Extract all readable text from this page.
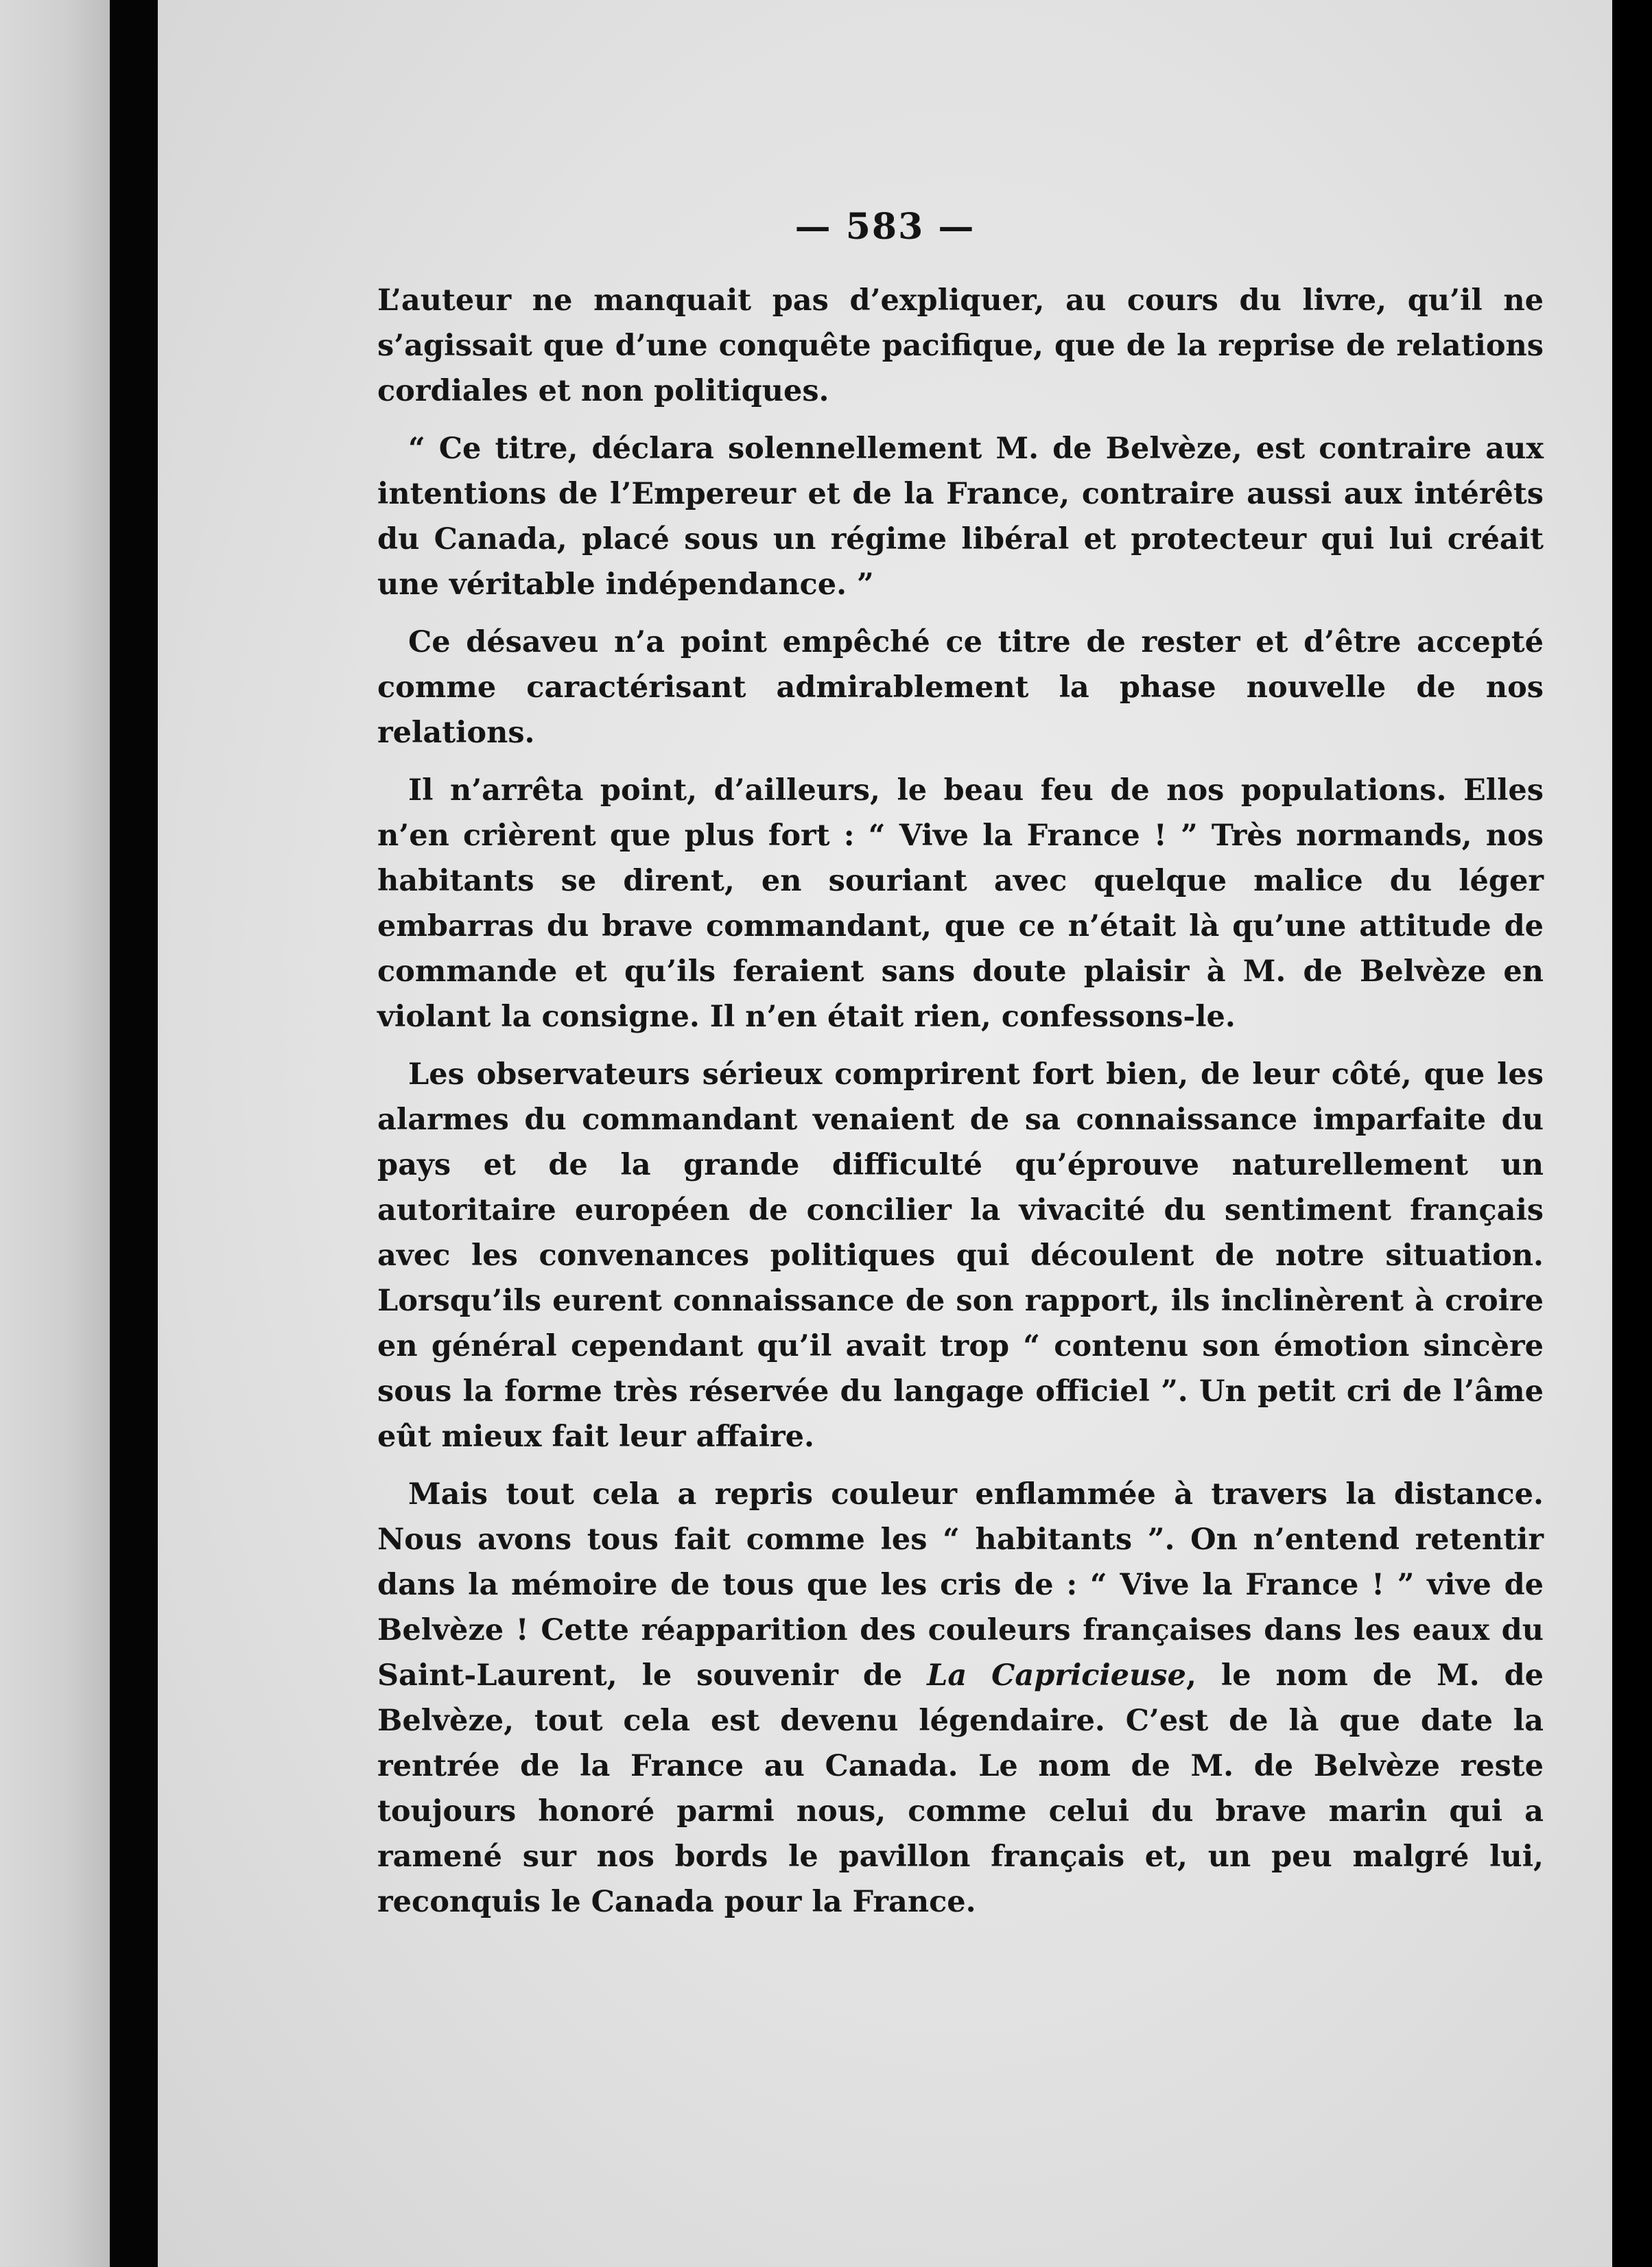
— 583 —

L’auteur ne manquait pas d’expliquer, au cours du livre, qu’il ne s’agissait que d’une conquête pacifique, que de la reprise de relations cordiales et non politiques.

“ Ce titre, déclara solennellement M. de Belvèze, est contraire aux intentions de l’Empereur et de la France, contraire aussi aux intérêts du Canada, placé sous un régime libéral et protecteur qui lui créait une véritable indépendance. ”

Ce désaveu n’a point empêché ce titre de rester et d’être accepté comme caractérisant admirablement la phase nouvelle de nos relations.

Il n’arrêta point, d’ailleurs, le beau feu de nos populations. Elles n’en crièrent que plus fort : “ Vive la France ! ” Très normands, nos habitants se dirent, en souriant avec quelque malice du léger embarras du brave commandant, que ce n’était là qu’une attitude de commande et qu’ils feraient sans doute plaisir à M. de Belvèze en violant la consigne. Il n’en était rien, confessons-le.

Les observateurs sérieux comprirent fort bien, de leur côté, que les alarmes du commandant venaient de sa connaissance imparfaite du pays et de la grande difficulté qu’éprouve naturellement un autoritaire européen de concilier la vivacité du sentiment français avec les convenances politiques qui découlent de notre situation. Lorsqu’ils eurent connaissance de son rapport, ils inclinèrent à croire en général cependant qu’il avait trop “ contenu son émotion sincère sous la forme très réservée du langage officiel ”. Un petit cri de l’âme eût mieux fait leur affaire.

Mais tout cela a repris couleur enflammée à travers la distance. Nous avons tous fait comme les “ habitants ”. On n’entend retentir dans la mémoire de tous que les cris de : “ Vive la France ! ” vive de Belvèze ! Cette réapparition des couleurs françaises dans les eaux du Saint-Laurent, le souvenir de La Capricieuse, le nom de M. de Belvèze, tout cela est devenu légendaire. C’est de là que date la rentrée de la France au Canada. Le nom de M. de Belvèze reste toujours honoré parmi nous, comme celui du brave marin qui a ramené sur nos bords le pavillon français et, un peu malgré lui, reconquis le Canada pour la France.
